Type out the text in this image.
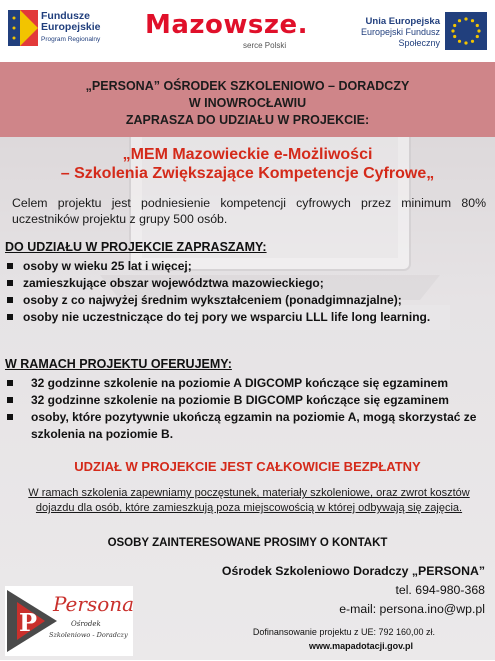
Fundusze
Europejskie
Program Regionalny Mazowsze.
serce Polski
Unia Europejska
Europejski Fundusz Społeczny
„PERSONA” OŚRODEK SZKOLENIOWO – DORADCZY
W INOWROCŁAWIU
ZAPRASZA DO UDZIAŁU W PROJEKCIE:
„MEM Mazowieckie e-Możliwości
– Szkolenia Zwiększające Kompetencje Cyfrowe„
Celem projektu jest podniesienie kompetencji cyfrowych przez minimum 80% uczestników projektu z grupy 500 osób.
DO UDZIAŁU W PROJEKCIE ZAPRASZAMY:
osoby w wieku 25 lat i więcej;
zamieszkujące obszar województwa mazowieckiego;
osoby z co najwyżej średnim wykształceniem (ponadgimnazjalne);
osoby nie uczestniczące do tej pory we wsparciu LLL life long learning.
W RAMACH PROJEKTU OFERUJEMY:
32 godzinne szkolenie na poziomie A DIGCOMP kończące się egzaminem
32 godzinne szkolenie na poziomie B DIGCOMP kończące się egzaminem
osoby, które pozytywnie ukończą egzamin na poziomie A, mogą skorzystać ze szkolenia na poziomie B.
UDZIAŁ W PROJEKCIE JEST CAŁKOWICIE BEZPŁATNY
W ramach szkolenia zapewniamy poczęstunek, materiały szkoleniowe, oraz zwrot kosztów dojazdu dla osób, które zamieszkują poza miejscowością w której odbywają się zajęcia.
OSOBY ZAINTERESOWANE PROSIMY O KONTAKT
P
Persona
Ośrodek
Szkoleniowo - Doradczy
Ośrodek Szkoleniowo Doradczy „PERSONA”
tel. 694-980-368
e-mail: persona.ino@wp.pl
Dofinansowanie projektu z UE: 792 160,00 zł.
www.mapadotacji.gov.pl
